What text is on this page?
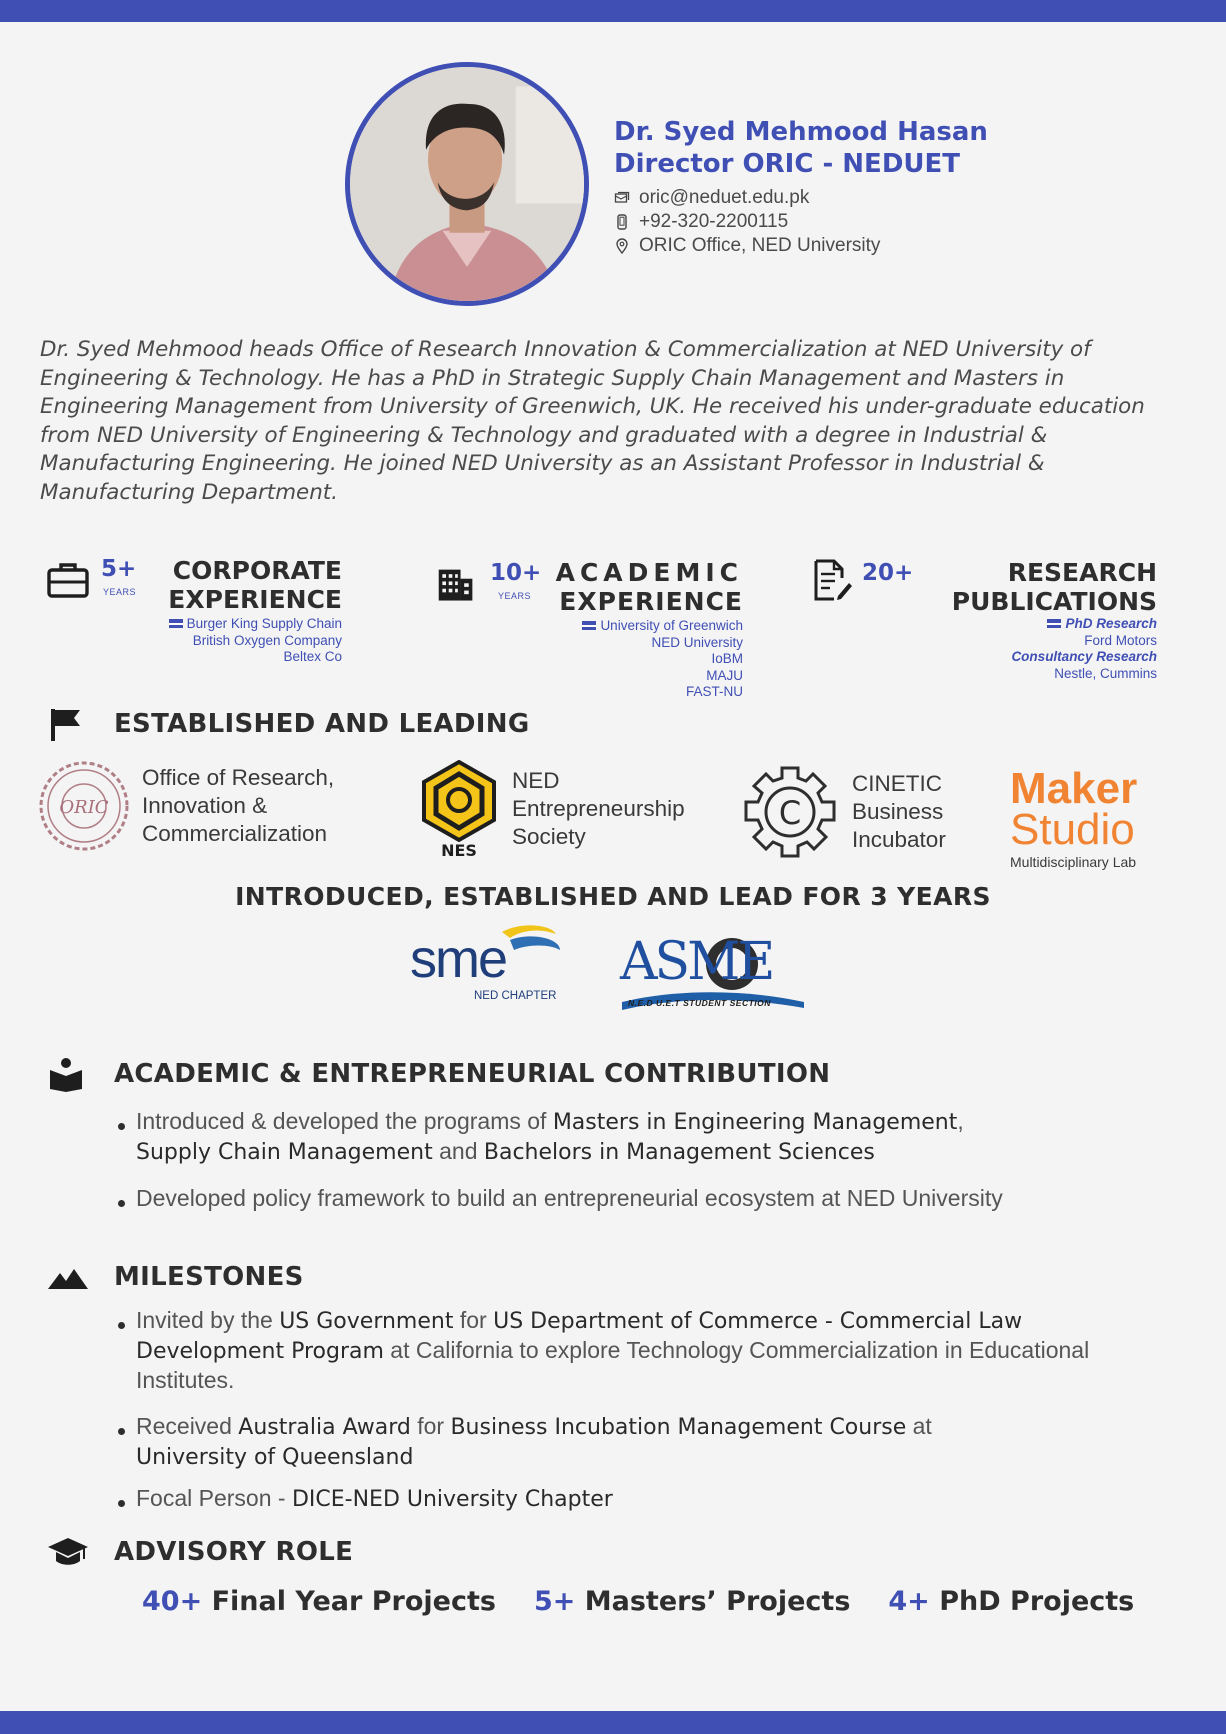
Dr. Syed Mehmood Hasan
Director ORIC - NEDUET
oric@neduet.edu.pk
+92-320-2200115
ORIC Office, NED University
Dr. Syed Mehmood heads Office of Research Innovation & Commercialization at NED University of Engineering & Technology. He has a PhD in Strategic Supply Chain Management and Masters in Engineering Management from University of Greenwich, UK. He received his under-graduate education from NED University of Engineering & Technology and graduated with a degree in Industrial & Manufacturing Engineering. He joined NED University as an Assistant Professor in Industrial & Manufacturing Department.
5+
YEARS
CORPORATE
EXPERIENCE
Burger King Supply Chain
British Oxygen Company
Beltex Co
10+
YEARS
ACADEMIC
EXPERIENCE
University of Greenwich
NED University
IoBM
MAJU
FAST-NU
20+	RESEARCH
PUBLICATIONS
PhD Research
Ford Motors
Consultancy Research
Nestle, Cummins
ESTABLISHED AND LEADING
ORIC
Office of Research,
Innovation &
Commercialization
NES
NED
Entrepreneurship
Society
C
CINETIC
Business
Incubator
Maker
Studio
Multidisciplinary Lab
INTRODUCED, ESTABLISHED AND LEAD FOR 3 YEARS
sme
NED CHAPTER
ASME
N.E.D U.E.T STUDENT SECTION
ACADEMIC & ENTREPRENEURIAL CONTRIBUTION
Introduced & developed the programs of Masters in Engineering Management,
Supply Chain Management and Bachelors in Management Sciences
Developed policy framework to build an entrepreneurial ecosystem at NED University
MILESTONES
Invited by the US Government for US Department of Commerce - Commercial Law Development Program at California to explore Technology Commercialization in Educational Institutes.
Received Australia Award for Business Incubation Management Course at
University of Queensland
Focal Person - DICE-NED University Chapter
ADVISORY ROLE
40+ Final Year Projects 5+ Masters’ Projects 4+ PhD Projects
